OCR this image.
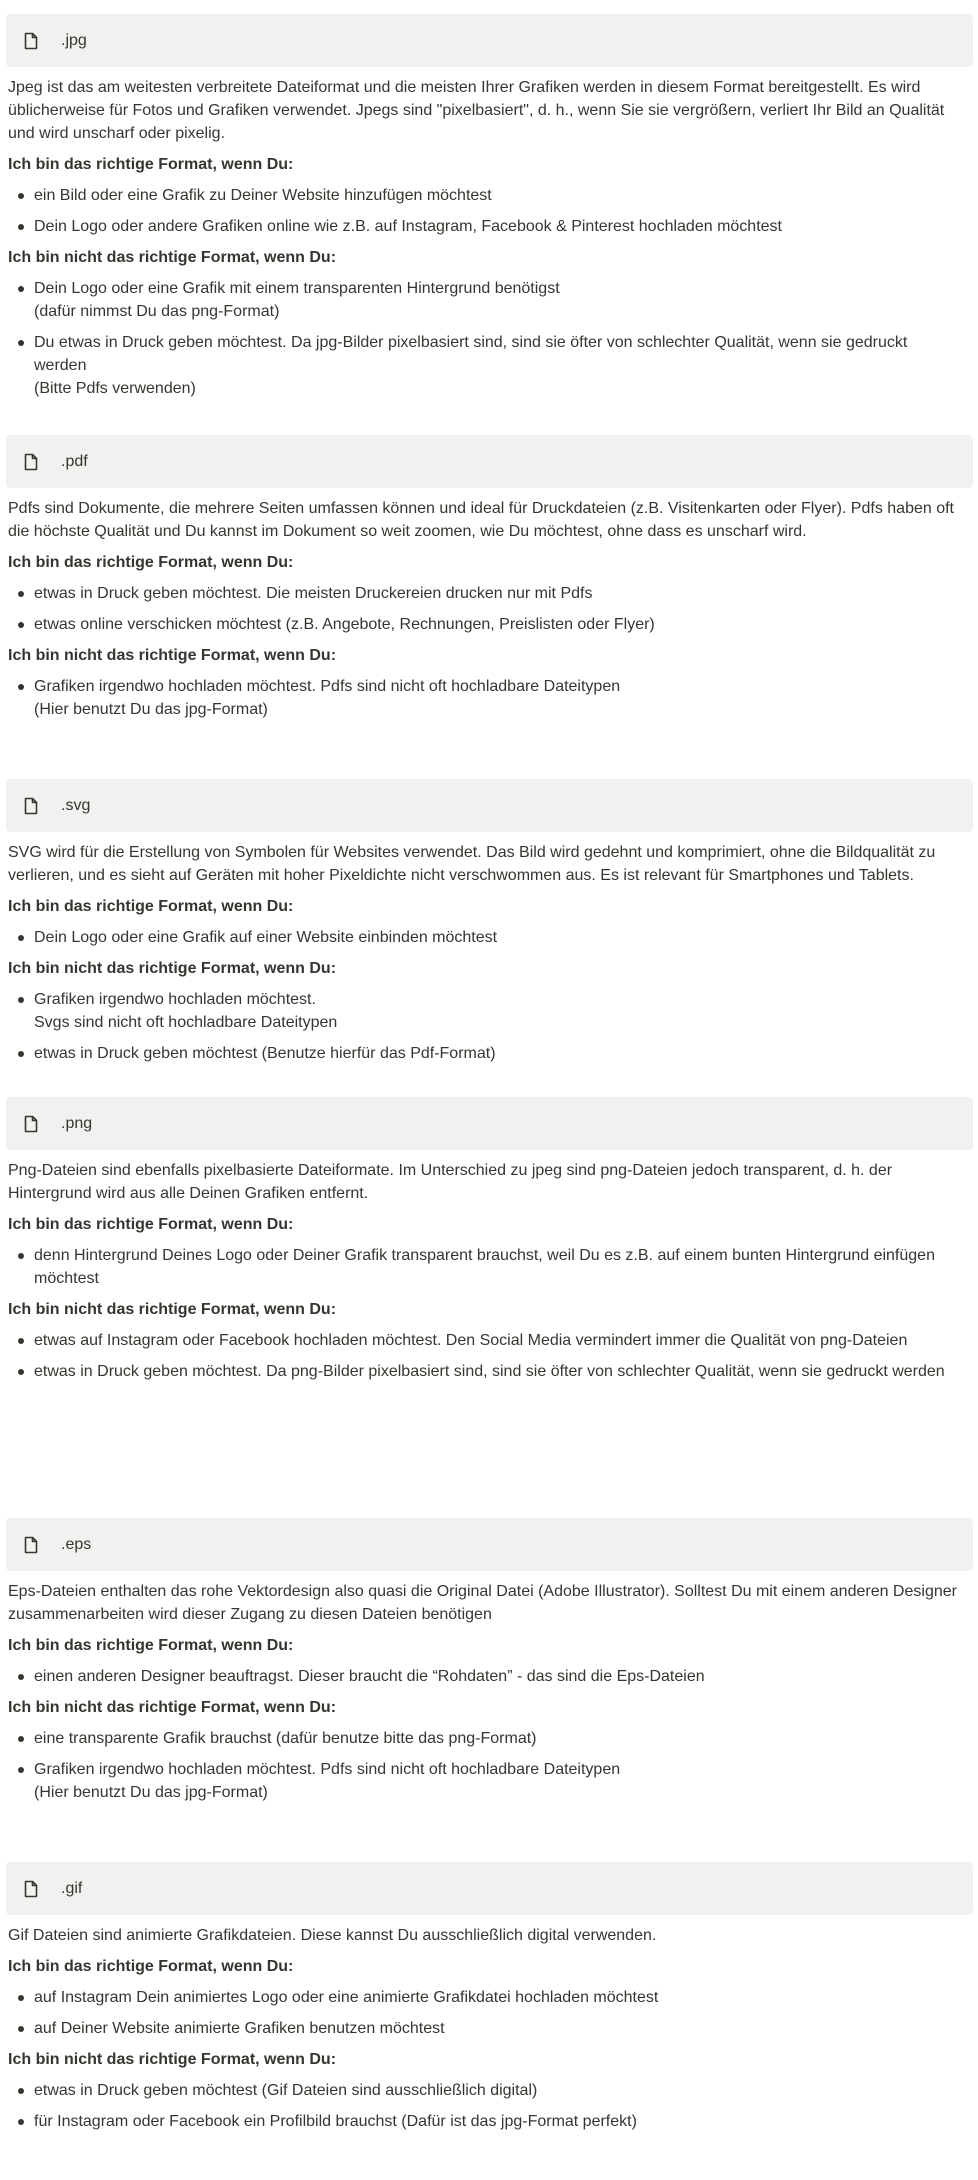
.jpg

Jpeg ist das am weitesten verbreitete Dateiformat und die meisten Ihrer Grafiken werden in diesem Format bereitgestellt. Es wird üblicherweise für Fotos und Grafiken verwendet. Jpegs sind "pixelbasiert", d. h., wenn Sie sie vergrößern, verliert Ihr Bild an Qualität und wird unscharf oder pixelig.

Ich bin das richtige Format, wenn Du:

ein Bild oder eine Grafik zu Deiner Website hinzufügen möchtest
Dein Logo oder andere Grafiken online wie z.B. auf Instagram, Facebook & Pinterest hochladen möchtest

Ich bin nicht das richtige Format, wenn Du:

Dein Logo oder eine Grafik mit einem transparenten Hintergrund benötigst
(dafür nimmst Du das png-Format)
Du etwas in Druck geben möchtest. Da jpg-Bilder pixelbasiert sind, sind sie öfter von schlechter Qualität, wenn sie gedruckt werden
(Bitte Pdfs verwenden)
.pdf

Pdfs sind Dokumente, die mehrere Seiten umfassen können und ideal für Druckdateien (z.B. Visitenkarten oder Flyer). Pdfs haben oft die höchste Qualität und Du kannst im Dokument so weit zoomen, wie Du möchtest, ohne dass es unscharf wird.

Ich bin das richtige Format, wenn Du:

etwas in Druck geben möchtest. Die meisten Druckereien drucken nur mit Pdfs
etwas online verschicken möchtest (z.B. Angebote, Rechnungen, Preislisten oder Flyer)

Ich bin nicht das richtige Format, wenn Du:

Grafiken irgendwo hochladen möchtest. Pdfs sind nicht oft hochladbare Dateitypen
(Hier benutzt Du das jpg-Format)
.svg

SVG wird für die Erstellung von Symbolen für Websites verwendet. Das Bild wird gedehnt und komprimiert, ohne die Bildqualität zu verlieren, und es sieht auf Geräten mit hoher Pixeldichte nicht verschwommen aus. Es ist relevant für Smartphones und Tablets.

Ich bin das richtige Format, wenn Du:

Dein Logo oder eine Grafik auf einer Website einbinden möchtest

Ich bin nicht das richtige Format, wenn Du:

Grafiken irgendwo hochladen möchtest.
Svgs sind nicht oft hochladbare Dateitypen
etwas in Druck geben möchtest (Benutze hierfür das Pdf-Format)
.png

Png-Dateien sind ebenfalls pixelbasierte Dateiformate. Im Unterschied zu jpeg sind png-Dateien jedoch transparent, d. h. der Hintergrund wird aus alle Deinen Grafiken entfernt.

Ich bin das richtige Format, wenn Du:

denn Hintergrund Deines Logo oder Deiner Grafik transparent brauchst, weil Du es z.B. auf einem bunten Hintergrund einfügen möchtest

Ich bin nicht das richtige Format, wenn Du:

etwas auf Instagram oder Facebook hochladen möchtest. Den Social Media vermindert immer die Qualität von png-Dateien
etwas in Druck geben möchtest. Da png-Bilder pixelbasiert sind, sind sie öfter von schlechter Qualität, wenn sie gedruckt werden
.eps

Eps-Dateien enthalten das rohe Vektordesign also quasi die Original Datei (Adobe Illustrator). Solltest Du mit einem anderen Designer zusammenarbeiten wird dieser Zugang zu diesen Dateien benötigen

Ich bin das richtige Format, wenn Du:

einen anderen Designer beauftragst. Dieser braucht die “Rohdaten” - das sind die Eps-Dateien

Ich bin nicht das richtige Format, wenn Du:

eine transparente Grafik brauchst (dafür benutze bitte das png-Format)
Grafiken irgendwo hochladen möchtest. Pdfs sind nicht oft hochladbare Dateitypen
(Hier benutzt Du das jpg-Format)
.gif

Gif Dateien sind animierte Grafikdateien. Diese kannst Du ausschließlich digital verwenden.

Ich bin das richtige Format, wenn Du:

auf Instagram Dein animiertes Logo oder eine animierte Grafikdatei hochladen möchtest
auf Deiner Website animierte Grafiken benutzen möchtest

Ich bin nicht das richtige Format, wenn Du:

etwas in Druck geben möchtest (Gif Dateien sind ausschließlich digital)
für Instagram oder Facebook ein Profilbild brauchst (Dafür ist das jpg-Format perfekt)
